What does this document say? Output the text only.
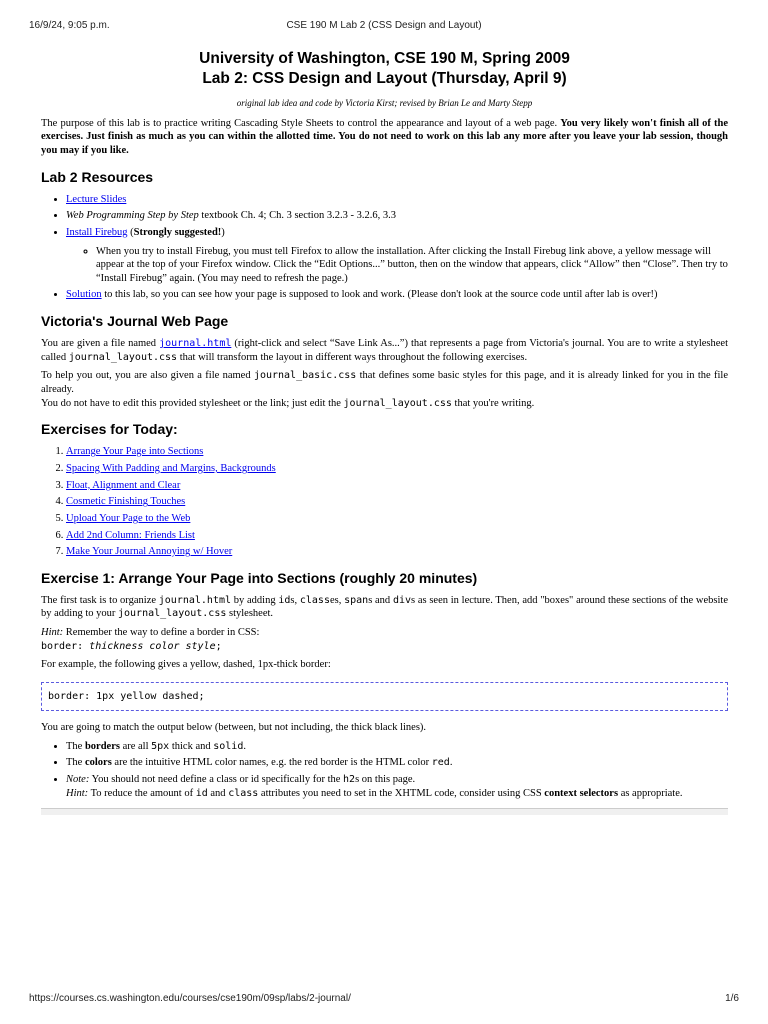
16/9/24, 9:05 p.m.	CSE 190 M Lab 2 (CSS Design and Layout)
University of Washington, CSE 190 M, Spring 2009
Lab 2: CSS Design and Layout (Thursday, April 9)
original lab idea and code by Victoria Kirst; revised by Brian Le and Marty Stepp

The purpose of this lab is to practice writing Cascading Style Sheets to control the appearance and layout of a web page. You very likely won't finish all of the exercises. Just finish as much as you can within the allotted time. You do not need to work on this lab any more after you leave your lab session, though you may if you like.

Lab 2 Resources
• Lecture Slides
• Web Programming Step by Step textbook Ch. 4; Ch. 3 section 3.2.3 - 3.2.6, 3.3
• Install Firebug (Strongly suggested!)
◦ When you try to install Firebug, you must tell Firefox to allow the installation. After clicking the Install Firebug link above, a yellow message will appear at the top of your Firefox window. Click the “Edit Options...” button, then on the window that appears, click “Allow” then “Close”. Then try to “Install Firebug” again. (You may need to refresh the page.)
• Solution to this lab, so you can see how your page is supposed to look and work. (Please don't look at the source code until after lab is over!)
Victoria's Journal Web Page

You are given a file named journal.html (right-click and select “Save Link As...”) that represents a page from Victoria's journal. You are to write a stylesheet called journal_layout.css that will transform the layout in different ways throughout the following exercises.

To help you out, you are also given a file named journal_basic.css that defines some basic styles for this page, and it is already linked for you in the file already.
You do not have to edit this provided stylesheet or the link; just edit the journal_layout.css that you're writing.

Exercises for Today:
1. Arrange Your Page into Sections
2. Spacing With Padding and Margins, Backgrounds
3. Float, Alignment and Clear
4. Cosmetic Finishing Touches
5. Upload Your Page to the Web
6. Add 2nd Column: Friends List
7. Make Your Journal Annoying w/ Hover
Exercise 1: Arrange Your Page into Sections (roughly 20 minutes)

The first task is to organize journal.html by adding ids, classes, spans and divs as seen in lecture. Then, add "boxes" around these sections of the website by adding to your journal_layout.css stylesheet.

Hint: Remember the way to define a border in CSS:
border: thickness color style;

For example, the following gives a yellow, dashed, 1px-thick border:

border: 1px yellow dashed;

You are going to match the output below (between, but not including, the thick black lines).

• The borders are all 5px thick and solid.
• The colors are the intuitive HTML color names, e.g. the red border is the HTML color red.
• Note: You should not need define a class or id specifically for the h2s on this page.
Hint: To reduce the amount of id and class attributes you need to set in the XHTML code, consider using CSS context selectors as appropriate.
https://courses.cs.washington.edu/courses/cse190m/09sp/labs/2-journal/	1/6
